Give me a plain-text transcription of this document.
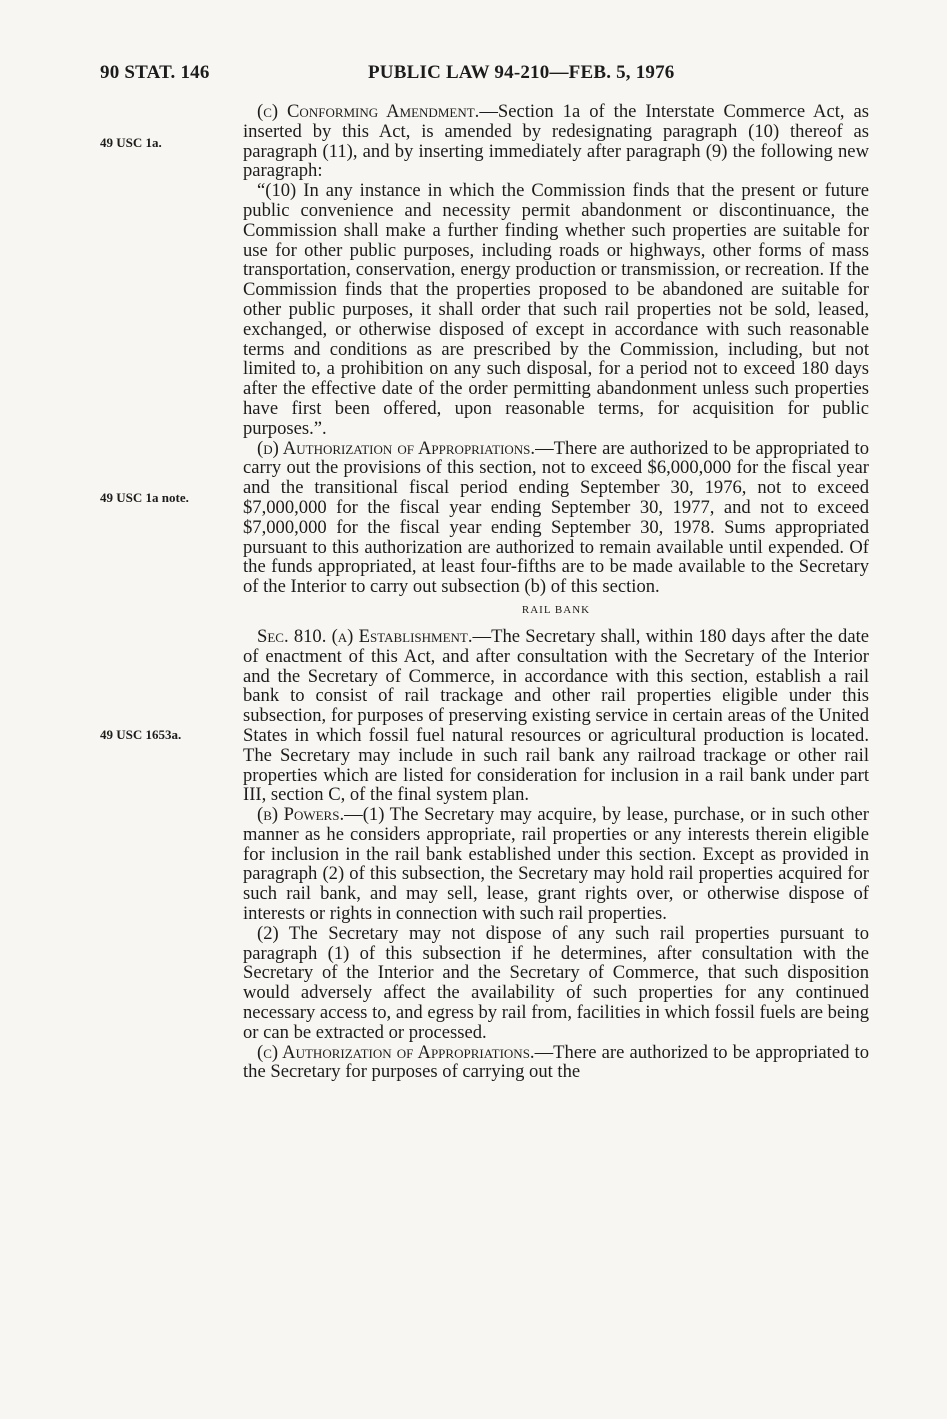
90 STAT. 146	PUBLIC LAW 94-210—FEB. 5, 1976
49 USC 1a.
49 USC 1a note.
49 USC 1653a.

(c) Conforming Amendment.—Section 1a of the Interstate Commerce Act, as inserted by this Act, is amended by redesignating paragraph (10) thereof as paragraph (11), and by inserting immediately after paragraph (9) the following new paragraph:

“(10) In any instance in which the Commission finds that the present or future public convenience and necessity permit abandonment or discontinuance, the Commission shall make a further finding whether such properties are suitable for use for other public purposes, including roads or highways, other forms of mass transportation, conservation, energy production or transmission, or recreation. If the Commission finds that the properties proposed to be abandoned are suitable for other public purposes, it shall order that such rail properties not be sold, leased, exchanged, or otherwise disposed of except in accordance with such reasonable terms and conditions as are prescribed by the Commission, including, but not limited to, a prohibition on any such disposal, for a period not to exceed 180 days after the effective date of the order permitting abandonment unless such properties have first been offered, upon reasonable terms, for acquisition for public purposes.”.

(d) Authorization of Appropriations.—There are authorized to be appropriated to carry out the provisions of this section, not to exceed $6,000,000 for the fiscal year and the transitional fiscal period ending September 30, 1976, not to exceed $7,000,000 for the fiscal year ending September 30, 1977, and not to exceed $7,000,000 for the fiscal year ending September 30, 1978. Sums appropriated pursuant to this authorization are authorized to remain available until expended. Of the funds appropriated, at least four-fifths are to be made available to the Secretary of the Interior to carry out subsection (b) of this section.

RAIL BANK

Sec. 810. (a) Establishment.—The Secretary shall, within 180 days after the date of enactment of this Act, and after consultation with the Secretary of the Interior and the Secretary of Commerce, in accordance with this section, establish a rail bank to consist of rail trackage and other rail properties eligible under this subsection, for purposes of preserving existing service in certain areas of the United States in which fossil fuel natural resources or agricultural production is located. The Secretary may include in such rail bank any railroad trackage or other rail properties which are listed for consideration for inclusion in a rail bank under part III, section C, of the final system plan.

(b) Powers.—(1) The Secretary may acquire, by lease, purchase, or in such other manner as he considers appropriate, rail properties or any interests therein eligible for inclusion in the rail bank established under this section. Except as provided in paragraph (2) of this subsection, the Secretary may hold rail properties acquired for such rail bank, and may sell, lease, grant rights over, or otherwise dispose of interests or rights in connection with such rail properties.

(2) The Secretary may not dispose of any such rail properties pursuant to paragraph (1) of this subsection if he determines, after consultation with the Secretary of the Interior and the Secretary of Commerce, that such disposition would adversely affect the availability of such properties for any continued necessary access to, and egress by rail from, facilities in which fossil fuels are being or can be extracted or processed.

(c) Authorization of Appropriations.—There are authorized to be appropriated to the Secretary for purposes of carrying out the
